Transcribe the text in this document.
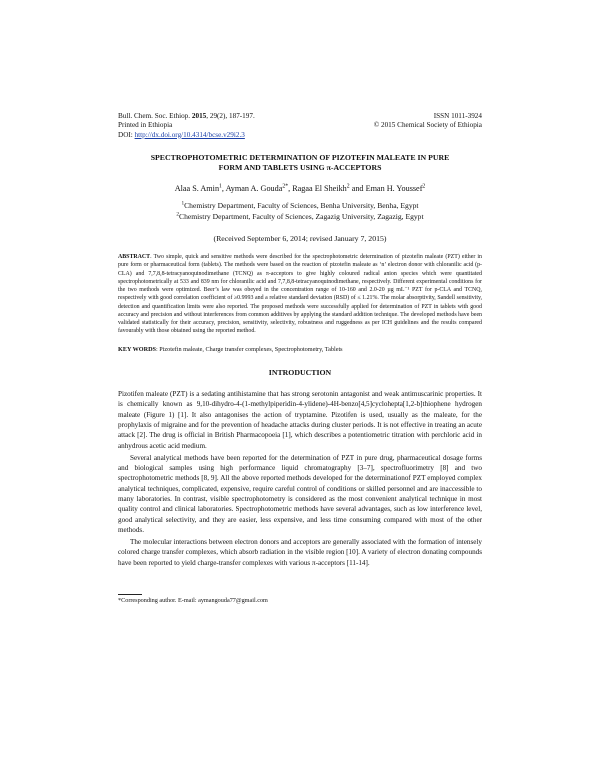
Bull. Chem. Soc. Ethiop. 2015, 29(2), 187-197.
Printed in Ethiopia
DOI: http://dx.doi.org/10.4314/bcse.v29i2.3
ISSN 1011-3924
© 2015 Chemical Society of Ethiopia
SPECTROPHOTOMETRIC DETERMINATION OF PIZOTEFIN MALEATE IN PURE
FORM AND TABLETS USING π-ACCEPTORS
Alaa S. Amin$^1$, Ayman A. Gouda$^{2*}$, Ragaa El Sheikh$^2$ and Eman H. Youssef$^2$
$^1$Chemistry Department, Faculty of Sciences, Benha University, Benha, Egypt
$^2$Chemistry Department, Faculty of Sciences, Zagazig University, Zagazig, Egypt
(Received September 6, 2014; revised January 7, 2015)
ABSTRACT. Two simple, quick and sensitive methods were described for the spectrophotometric determination of pizotefin maleate (PZT) either in pure form or pharmaceutical form (tablets). The methods were based on the reaction of pizotefin maleate as ‘n’ electron donor with chloranilic acid (p-CLA) and 7,7,8,8-tetracyanoquinodimethane (TCNQ) as π-acceptors to give highly coloured radical anion species which were quantitated spectrophotometrically at 533 and 839 nm for chloranilic acid and 7,7,8,8-tetracyanoquinodimethane, respectively. Different experimental conditions for the two methods were optimized. Beer’s law was obeyed in the concentration range of 10-160 and 2.0-20 µg mL⁻¹ PZT for p-CLA and TCNQ, respectively with good correlation coefficient of ≥0.9993 and a relative standard deviation (RSD) of ≤ 1.21%. The molar absorptivity, Sandell sensitivity, detection and quantification limits were also reported. The proposed methods were successfully applied for determination of PZT in tablets with good accuracy and precision and without interferences from common additives by applying the standard addition technique. The developed methods have been validated statistically for their accuracy, precision, sensitivity, selectivity, robustness and ruggedness as per ICH guidelines and the results compared favourably with those obtained using the reported method.
KEY WORDS: Pizotefin maleate, Charge transfer complexes, Spectrophotometry, Tablets
INTRODUCTION

Pizotifen maleate (PZT) is a sedating antihistamine that has strong serotonin antagonist and weak antimuscarinic properties. It is chemically known as 9,10-dihydro-4-(1-methylpiperidin-4-ylidene)-4H-benzo[4,5]cyclohepta[1,2-b]thiophene hydrogen maleate (Figure 1) [1]. It also antagonises the action of tryptamine. Pizotifen is used, usually as the maleate, for the prophylaxis of migraine and for the prevention of headache attacks during cluster periods. It is not effective in treating an acute attack [2]. The drug is official in British Pharmacopoeia [1], which describes a potentiometric titration with perchloric acid in anhydrous acetic acid medium.

Several analytical methods have been reported for the determination of PZT in pure drug, pharmaceutical dosage forms and biological samples using high performance liquid chromatography [3–7], spectrofluorimetry [8] and two spectrophotometric methods [8, 9]. All the above reported methods developed for the determinationof PZT employed complex analytical techniques, complicated, expensive, require careful control of conditions or skilled personnel and are inaccessible to many laboratories. In contrast, visible spectrophotometry is considered as the most convenient analytical technique in most quality control and clinical laboratories. Spectrophotometric methods have several advantages, such as low interference level, good analytical selectivity, and they are easier, less expensive, and less time consuming compared with most of the other methods.

The molecular interactions between electron donors and acceptors are generally associated with the formation of intensely colored charge transfer complexes, which absorb radiation in the visible region [10]. A variety of electron donating compounds have been reported to yield charge-transfer complexes with various π-acceptors [11-14].

*Corresponding author. E-mail: aymangouda77@gmail.com
